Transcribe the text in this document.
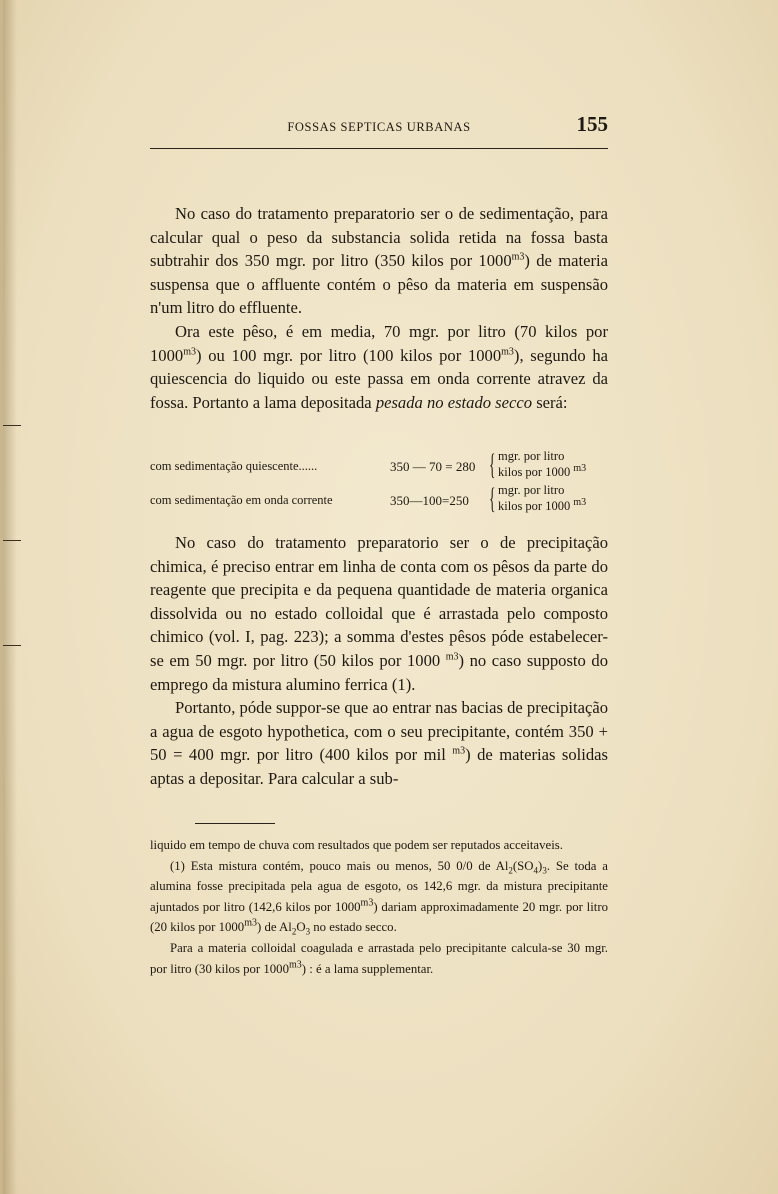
FOSSAS SEPTICAS URBANAS	155

No caso do tratamento preparatorio ser o de sedimentação, para calcular qual o peso da substancia solida retida na fossa basta subtrahir dos 350 mgr. por litro (350 kilos por $1000^{m3}$) de materia suspensa que o affluente contém o pêso da materia em suspensão n'um litro do effluente.

Ora este pêso, é em media, 70 mgr. por litro (70 kilos por $1000^{m3}$) ou 100 mgr. por litro (100 kilos por $1000^{m3}$), segundo ha quiescencia do liquido ou este passa em onda corrente atravez da fossa. Portanto a lama depositada pesada no estado secco será:

com sedimentação quiescente......	350 — 70 = 280 { mgr. por litro
kilos por 1000 $^{m3}$
com sedimentação em onda corrente	350—100=250 { mgr. por litro
kilos por 1000 $^{m3}$

No caso do tratamento preparatorio ser o de precipitação chimica, é preciso entrar em linha de conta com os pêsos da parte do reagente que precipita e da pequena quantidade de materia organica dissolvida ou no estado colloidal que é arrastada pelo composto chimico (vol. I, pag. 223); a somma d'estes pêsos póde estabelecer-se em 50 mgr. por litro (50 kilos por 1000 $^{m3}$) no caso supposto do emprego da mistura alumino ferrica (1).

Portanto, póde suppor-se que ao entrar nas bacias de precipitação a agua de esgoto hypothetica, com o seu precipitante, contém 350 + 50 = 400 mgr. por litro (400 kilos por mil $^{m3}$) de materias solidas aptas a depositar. Para calcular a sub-

liquido em tempo de chuva com resultados que podem ser reputados acceitaveis.

(1) Esta mistura contém, pouco mais ou menos, 50 0/0 de $Al_2(SO_4)_3$. Se toda a alumina fosse precipitada pela agua de esgoto, os 142,6 mgr. da mistura precipitante ajuntados por litro (142,6 kilos por $1000^{m3}$) dariam approximadamente 20 mgr. por litro (20 kilos por $1000^{m3}$) de $Al_2O_3$ no estado secco.

Para a materia colloidal coagulada e arrastada pelo precipitante calcula-se 30 mgr. por litro (30 kilos por $1000^{m3}$) : é a lama supplementar.
